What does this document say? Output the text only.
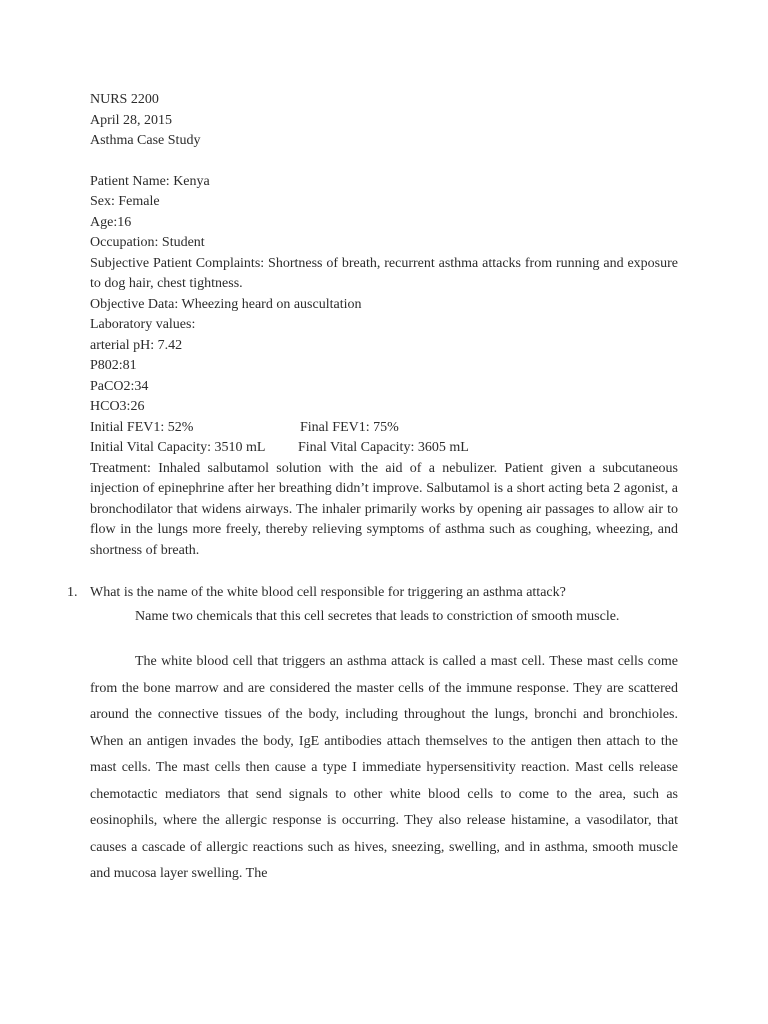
NURS 2200

April 28, 2015

Asthma Case Study

Patient Name: Kenya

Sex: Female

Age:16

Occupation: Student

Subjective Patient Complaints: Shortness of breath, recurrent asthma attacks from running and exposure to dog hair, chest tightness.

Objective Data: Wheezing heard on auscultation

Laboratory values:

arterial pH: 7.42

P802:81

PaCO2:34

HCO3:26

Initial FEV1: 52%	Final FEV1: 75%
Initial Vital Capacity: 3510 mL	Final Vital Capacity: 3605 mL

Treatment: Inhaled salbutamol solution with the aid of a nebulizer. Patient given a subcutaneous injection of epinephrine after her breathing didn’t improve. Salbutamol is a short acting beta 2 agonist, a bronchodilator that widens airways. The inhaler primarily works by opening air passages to allow air to flow in the lungs more freely, thereby relieving symptoms of asthma such as coughing, wheezing, and shortness of breath.

1. What is the name of the white blood cell responsible for triggering an asthma attack?
Name two chemicals that this cell secretes that leads to constriction of smooth muscle.

The white blood cell that triggers an asthma attack is called a mast cell. These mast cells come from the bone marrow and are considered the master cells of the immune response. They are scattered around the connective tissues of the body, including throughout the lungs, bronchi and bronchioles. When an antigen invades the body, IgE antibodies attach themselves to the antigen then attach to the mast cells. The mast cells then cause a type I immediate hypersensitivity reaction. Mast cells release chemotactic mediators that send signals to other white blood cells to come to the area, such as eosinophils, where the allergic response is occurring. They also release histamine, a vasodilator, that causes a cascade of allergic reactions such as hives, sneezing, swelling, and in asthma, smooth muscle and mucosa layer swelling. The
